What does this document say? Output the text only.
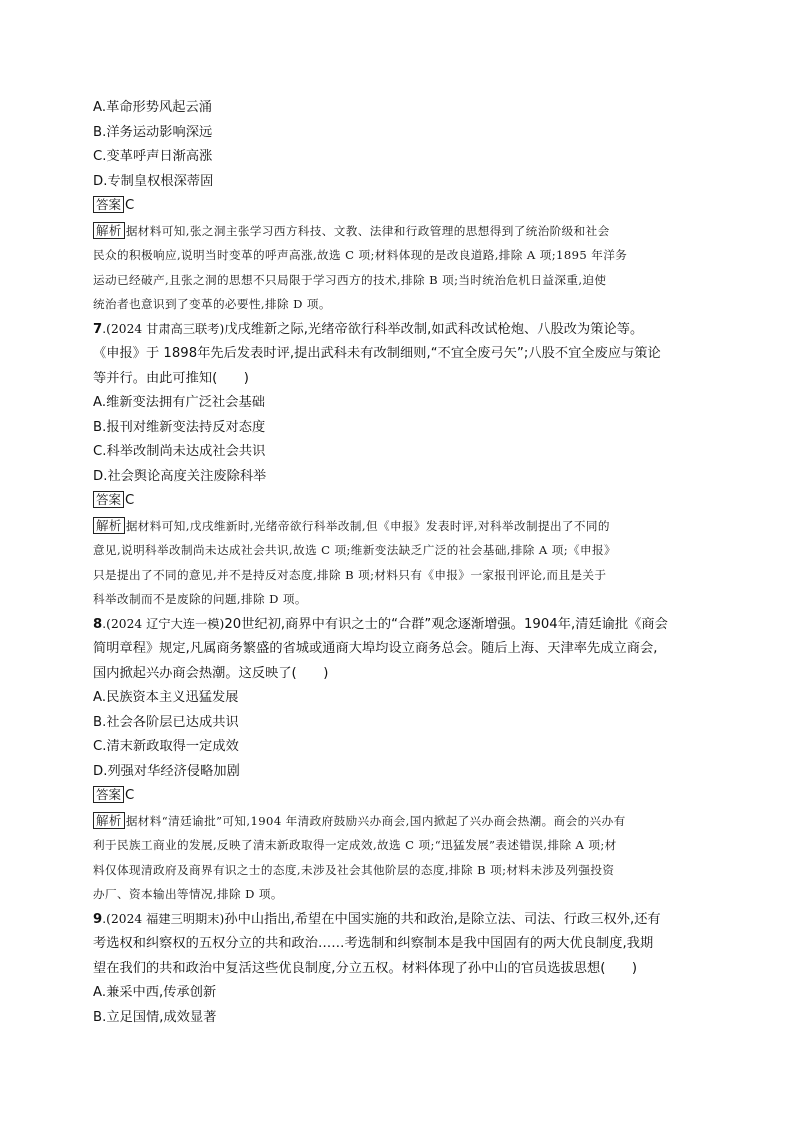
A.革命形势风起云涌
B.洋务运动影响深远
C.变革呼声日渐高涨
D.专制皇权根深蒂固
答案 C
解析 据材料可知,张之洞主张学习西方科技、文教、法律和行政管理的思想得到了统治阶级和社会
民众的积极响应,说明当时变革的呼声高涨,故选 C 项;材料体现的是改良道路,排除 A 项;1895 年洋务
运动已经破产,且张之洞的思想不只局限于学习西方的技术,排除 B 项;当时统治危机日益深重,迫使
统治者也意识到了变革的必要性,排除 D 项。
7.(2024 甘肃高三联考)戊戌维新之际,光绪帝欲行科举改制,如武科改试枪炮、八股改为策论等。
《申报》于 1898年先后发表时评,提出武科未有改制细则,“不宜全废弓矢”;八股不宜全废应与策论
等并行。由此可推知(　　)
A.维新变法拥有广泛社会基础
B.报刊对维新变法持反对态度
C.科举改制尚未达成社会共识
D.社会舆论高度关注废除科举
答案 C
解析 据材料可知,戊戌维新时,光绪帝欲行科举改制,但《申报》发表时评,对科举改制提出了不同的
意见,说明科举改制尚未达成社会共识,故选 C 项;维新变法缺乏广泛的社会基础,排除 A 项;《申报》
只是提出了不同的意见,并不是持反对态度,排除 B 项;材料只有《申报》一家报刊评论,而且是关于
科举改制而不是废除的问题,排除 D 项。
8.(2024 辽宁大连一模)20世纪初,商界中有识之士的“合群”观念逐渐增强。1904年,清廷谕批《商会
简明章程》规定,凡属商务繁盛的省城或通商大埠均设立商务总会。随后上海、天津率先成立商会,
国内掀起兴办商会热潮。这反映了(　　)
A.民族资本主义迅猛发展
B.社会各阶层已达成共识
C.清末新政取得一定成效
D.列强对华经济侵略加剧
答案 C
解析 据材料“清廷谕批”可知,1904 年清政府鼓励兴办商会,国内掀起了兴办商会热潮。商会的兴办有
利于民族工商业的发展,反映了清末新政取得一定成效,故选 C 项;“迅猛发展”表述错误,排除 A 项;材
料仅体现清政府及商界有识之士的态度,未涉及社会其他阶层的态度,排除 B 项;材料未涉及列强投资
办厂、资本输出等情况,排除 D 项。
9.(2024 福建三明期末)孙中山指出,希望在中国实施的共和政治,是除立法、司法、行政三权外,还有
考选权和纠察权的五权分立的共和政治……考选制和纠察制本是我中国固有的两大优良制度,我期
望在我们的共和政治中复活这些优良制度,分立五权。材料体现了孙中山的官员选拔思想(　　)
A.兼采中西,传承创新
B.立足国情,成效显著
